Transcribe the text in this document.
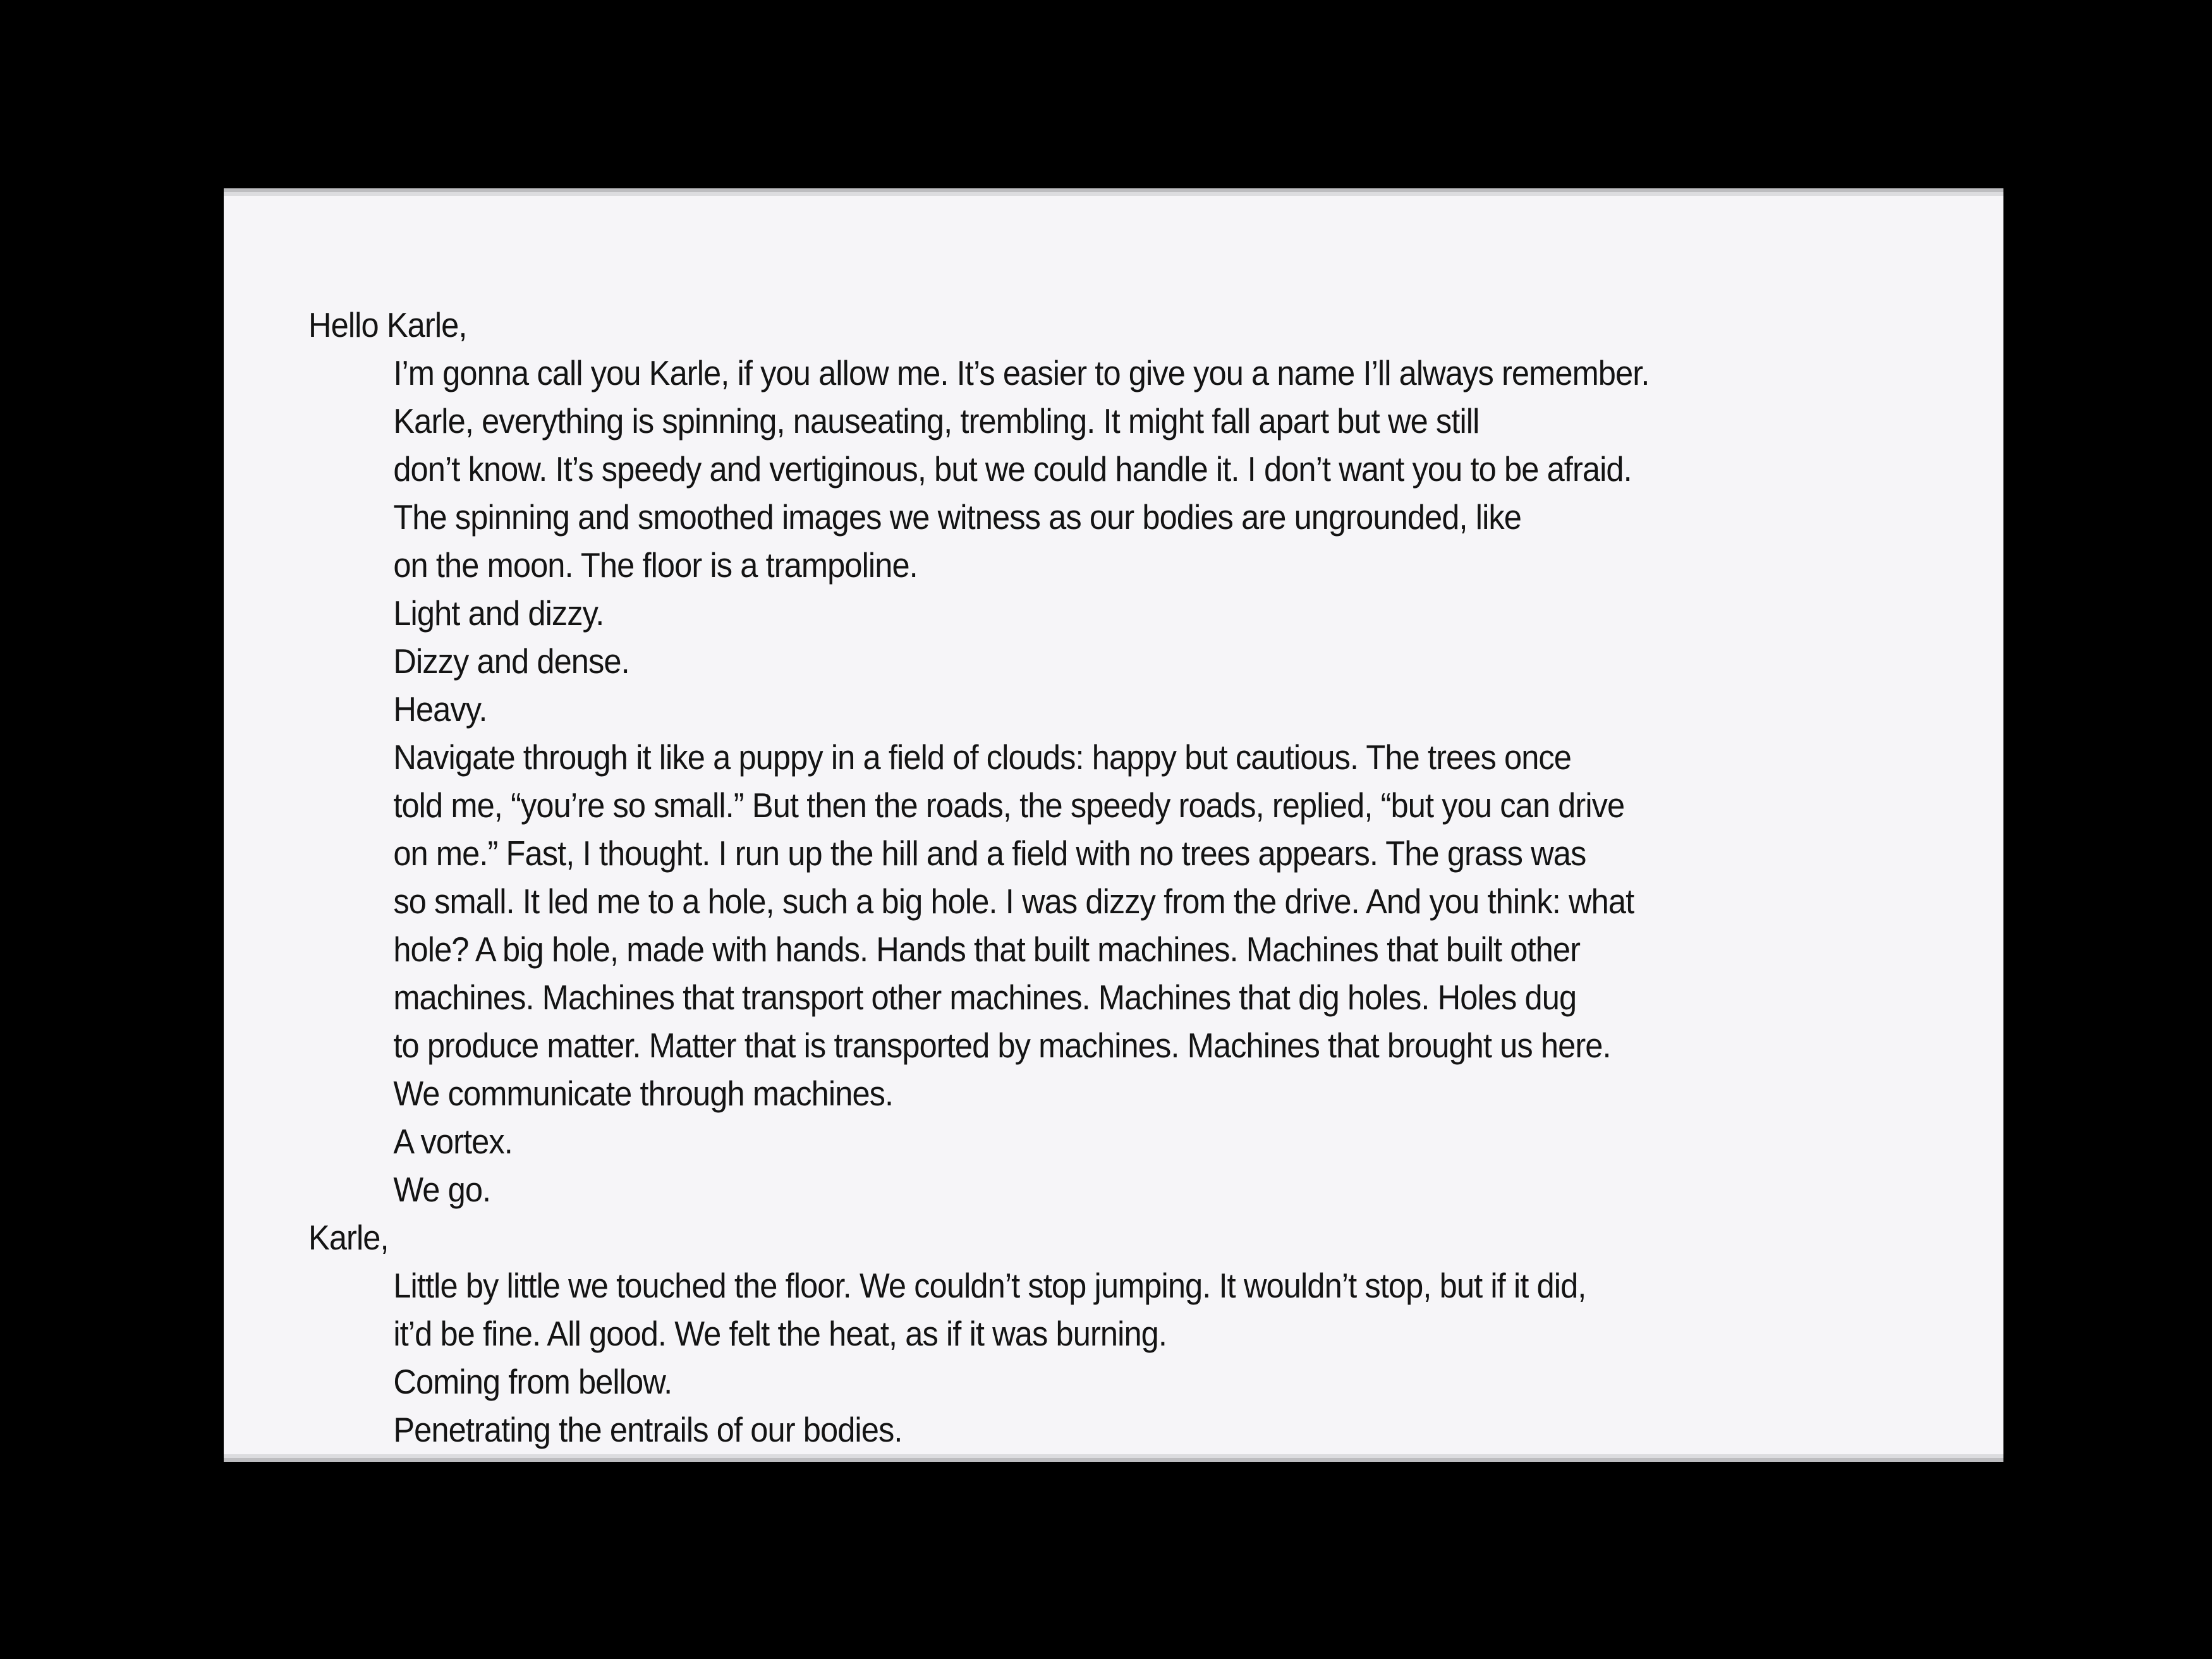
Hello Karle,
I’m gonna call you Karle, if you allow me. It’s easier to give you a name I’ll always remember.
Karle, everything is spinning, nauseating, trembling. It might fall apart but we still
don’t know. It’s speedy and vertiginous, but we could handle it. I don’t want you to be afraid.
The spinning and smoothed images we witness as our bodies are ungrounded, like
on the moon. The floor is a trampoline.
Light and dizzy.
Dizzy and dense.
Heavy.
Navigate through it like a puppy in a field of clouds: happy but cautious. The trees once
told me, “you’re so small.” But then the roads, the speedy roads, replied, “but you can drive
on me.” Fast, I thought. I run up the hill and a field with no trees appears. The grass was
so small. It led me to a hole, such a big hole. I was dizzy from the drive. And you think: what
hole? A big hole, made with hands. Hands that built machines. Machines that built other
machines. Machines that transport other machines. Machines that dig holes. Holes dug
to produce matter. Matter that is transported by machines. Machines that brought us here.
We communicate through machines.
A vortex.
We go.
Karle,
Little by little we touched the floor. We couldn’t stop jumping. It wouldn’t stop, but if it did,
it’d be fine. All good. We felt the heat, as if it was burning.
Coming from bellow.
Penetrating the entrails of our bodies.
